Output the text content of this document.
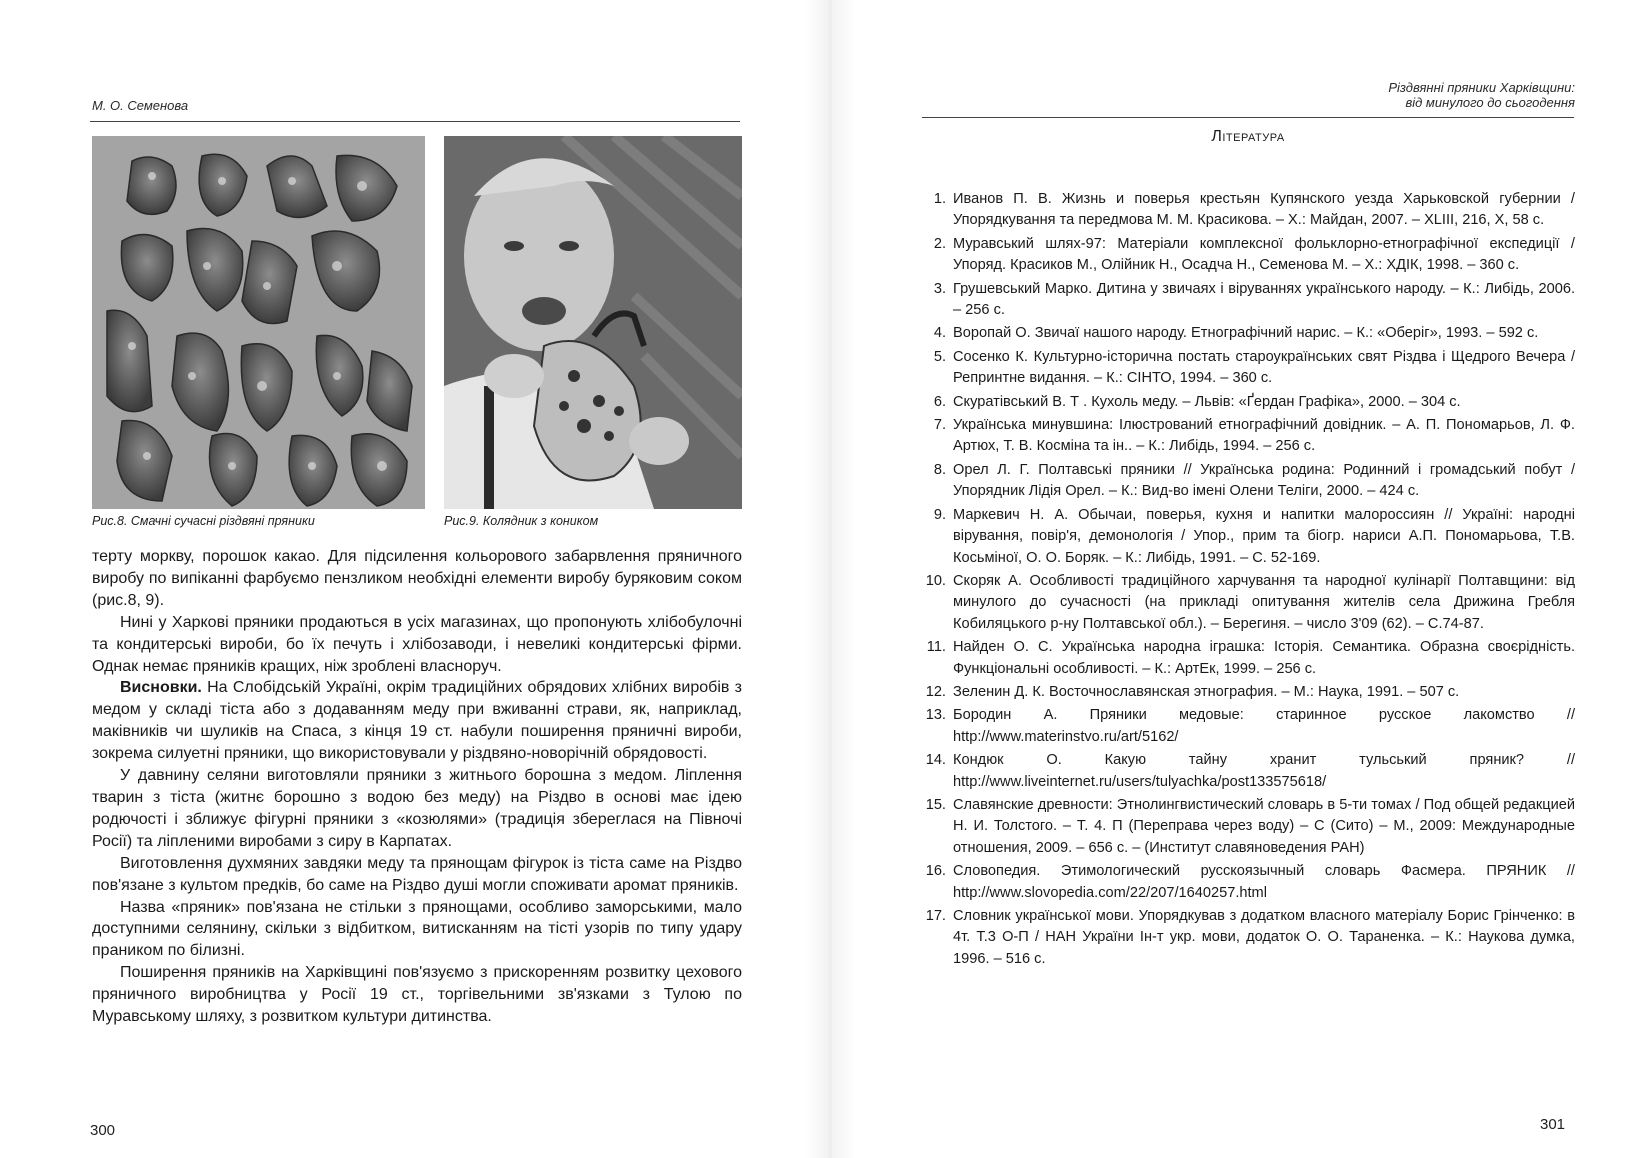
М. О. Семенова
Рис.8. Смачні сучасні різдвяні пряники	Рис.9. Колядник з коником

терту моркву, порошок какао. Для підсилення кольорового забарвлення пряничного виробу по випіканні фарбуємо пензликом необхідні елементи виробу буряковим соком (рис.8, 9).

Нині у Харкові пряники продаються в усіх магазинах, що пропонують хлібобулочні та кондитерські вироби, бо їх печуть і хлібозаводи, і невеликі кондитерські фірми. Однак немає пряників кращих, ніж зроблені власноруч.

Висновки. На Слобідській Україні, окрім традиційних обрядових хлібних виробів з медом у складі тіста або з додаванням меду при вживанні страви, як, наприклад, маківників чи шуликів на Спаса, з кінця 19 ст. набули поширення пряничні вироби, зокрема силуетні пряники, що використовували у різдвяно-новорічній обрядовості.

У давнину селяни виготовляли пряники з житнього борошна з медом. Ліплення тварин з тіста (житнє борошно з водою без меду) на Різдво в основі має ідею родючості і зближує фігурні пряники з «козюлями» (традиція збереглася на Півночі Росії) та ліпленими виробами з сиру в Карпатах.

Виготовлення духмяних завдяки меду та прянощам фігурок із тіста саме на Різдво пов'язане з культом предків, бо саме на Різдво душі могли споживати аромат пряників.

Назва «пряник» пов'язана не стільки з прянощами, особливо заморськими, мало доступними селянину, скільки з відбитком, витисканням на тісті узорів по типу удару праником по білизні.

Поширення пряників на Харківщині пов'язуємо з прискоренням розвитку цехового пряничного виробництва у Росії 19 ст., торгівельними зв'язками з Тулою по Муравському шляху, з розвитком культури дитинства.

300
Різдвянні пряники Харківщини:
від минулого до сьогодення
Література
1. Иванов П. В. Жизнь и поверья крестьян Купянского уезда Харьковской губернии / Упорядкування та передмова М. М. Красикова. – Х.: Майдан, 2007. – XLIII, 216, X, 58 с.
2. Муравський шлях-97: Матеріали комплексної фольклорно-етнографічної експедиції / Упоряд. Красиков М., Олійник Н., Осадча Н., Семенова М. – Х.: ХДІК, 1998. – 360 с.
3. Грушевський Марко. Дитина у звичаях і віруваннях українського народу. – К.: Либідь, 2006. – 256 с.
4. Воропай О. Звичаї нашого народу. Етнографічний нарис. – К.: «Оберіг», 1993. – 592 с.
5. Сосенко К. Культурно-історична постать староукраїнських свят Різдва і Щедрого Вечера / Репринтне видання. – К.: СІНТО, 1994. – 360 с.
6. Скуратівський В. Т . Кухоль меду. – Львів: «Ґердан Графіка», 2000. – 304 с.
7. Українська минувшина: Ілюстрований етнографічний довідник. – А. П. Пономарьов, Л. Ф. Артюх, Т. В. Косміна та ін.. – К.: Либідь, 1994. – 256 с.
8. Орел Л. Г. Полтавські пряники // Українська родина: Родинний і громадський побут / Упорядник Лідія Орел. – К.: Вид-во імені Олени Теліги, 2000. – 424 с.
9. Маркевич Н. А. Обычаи, поверья, кухня и напитки малороссиян // Україні: народні вірування, повір'я, демонологія / Упор., прим та біогр. нариси А.П. Пономарьова, Т.В. Косьміної, О. О. Боряк. – К.: Либідь, 1991. – С. 52-169.
10. Скоряк А. Особливості традиційного харчування та народної кулінарії Полтавщини: від минулого до сучасності (на прикладі опитування жителів села Дрижина Гребля Кобиляцького р-ну Полтавської обл.). – Берегиня. – число 3'09 (62). – С.74-87.
11. Найден О. С. Українська народна іграшка: Історія. Семантика. Образна своєрідність. Функціональні особливості. – К.: АртЕк, 1999. – 256 с.
12. Зеленин Д. К. Восточнославянская этнография. – М.: Наука, 1991. – 507 с.
13. Бородин А. Пряники медовые: старинное русское лакомство // http://www.materinstvo.ru/art/5162/
14. Кондюк О. Какую тайну хранит тульський пряник? // http://www.liveinternet.ru/users/tulyachka/post133575618/
15. Славянские древности: Этнолингвистический словарь в 5-ти томах / Под общей редакцией Н. И. Толстого. – Т. 4. П (Переправа через воду) – С (Сито) – М., 2009: Международные отношения, 2009. – 656 с. – (Институт славяноведения РАН)
16. Словопедия. Этимологический русскоязычный словарь Фасмера. ПРЯНИК // http://www.slovopedia.com/22/207/1640257.html
17. Словник української мови. Упорядкував з додатком власного матеріалу Борис Грінченко: в 4т. Т.3 О-П / НАН України Ін-т укр. мови, додаток О. О. Тараненка. – К.: Наукова думка, 1996. – 516 с.
301
